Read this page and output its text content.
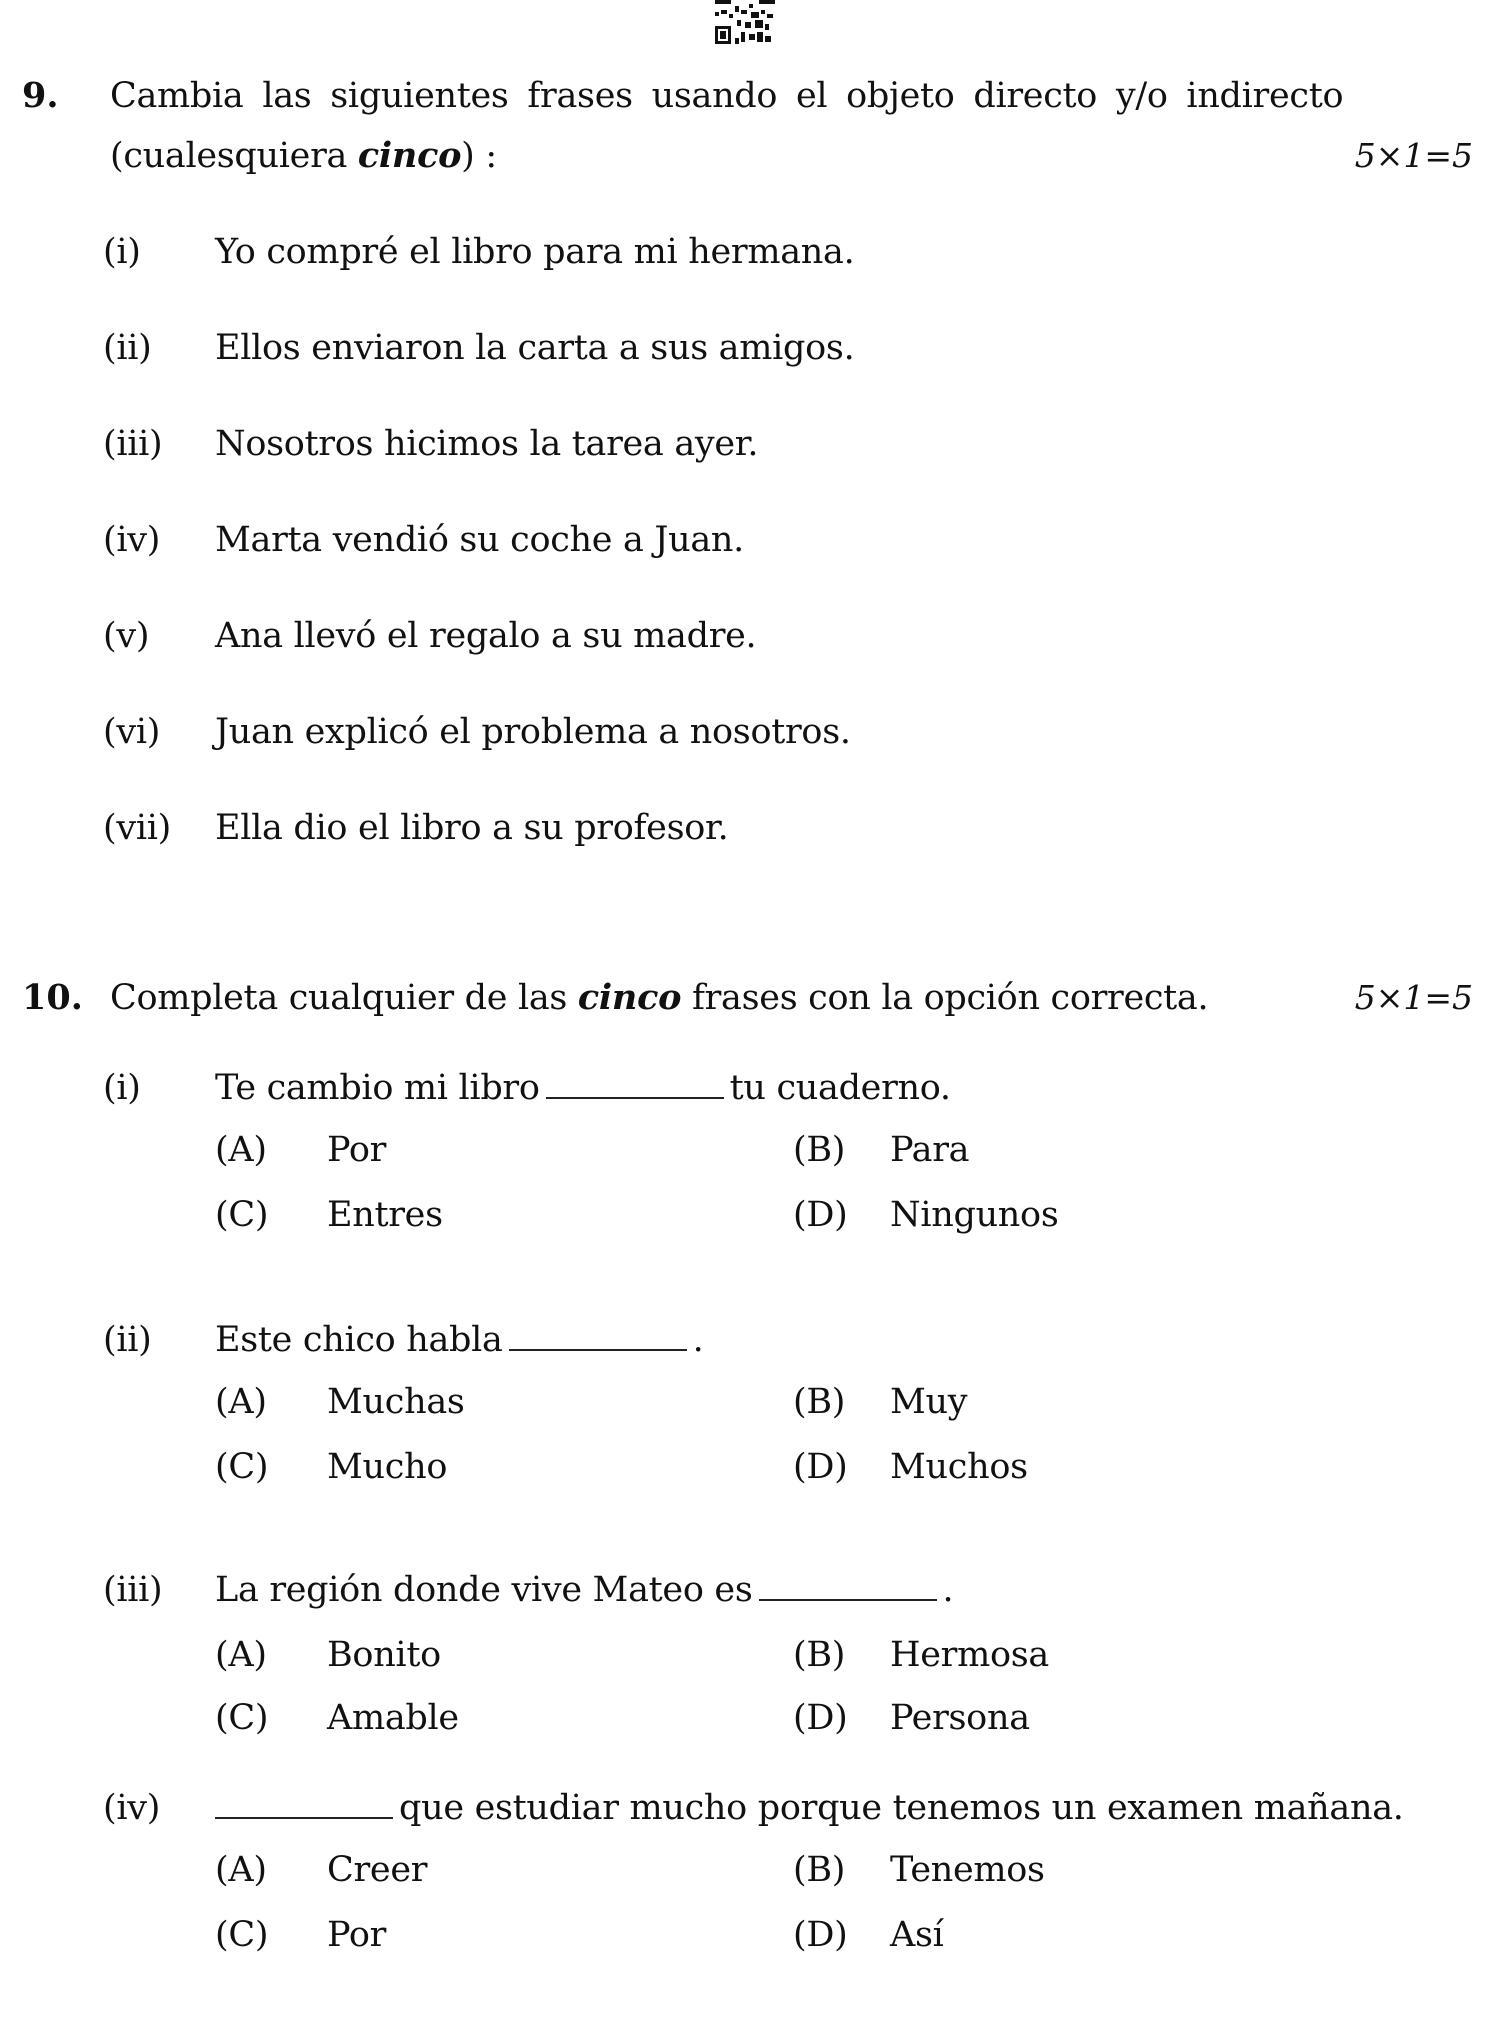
9. Cambia las siguientes frases usando el objeto directo y/o indirecto
(cualesquiera cinco) :	5×1=5
(i) Yo compré el libro para mi hermana.
(ii) Ellos enviaron la carta a sus amigos.
(iii) Nosotros hicimos la tarea ayer.
(iv) Marta vendió su coche a Juan.
(v) Ana llevó el regalo a su madre.
(vi) Juan explicó el problema a nosotros.
(vii) Ella dio el libro a su profesor.
10. Completa cualquier de las cinco frases con la opción correcta.	5×1=5
(i) Te cambio mi libro	tu cuaderno.
(A) Por	(B) Para
(C) Entres	(D) Ningunos
(ii) Este chico habla	.
(A) Muchas	(B) Muy
(C) Mucho	(D) Muchos
(iii) La región donde vive Mateo es	.
(A) Bonito	(B) Hermosa
(C) Amable	(D) Persona
(iv)	que estudiar mucho porque tenemos un examen mañana.
(A) Creer	(B) Tenemos
(C) Por	(D) Así
